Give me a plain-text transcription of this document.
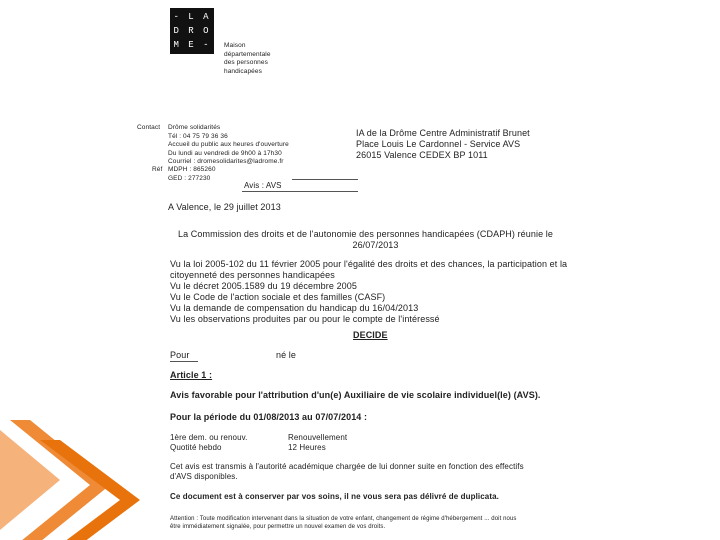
- L A
D R O
M E -	Maison
départementale
des personnes
handicapées
Contact Drôme solidarités
Tél : 04 75 79 36 36
Accueil du public aux heures d'ouverture
Du lundi au vendredi de 9h00 à 17h30
Courriel : dromesolidarites@ladrome.fr
Réf MDPH : 865260
GED : 277230
IA de la Drôme Centre Administratif Brunet
Place Louis Le Cardonnel - Service AVS
26015 Valence CEDEX BP 1011
Avis : AVS
A Valence, le 29 juillet 2013
La Commission des droits et de l'autonomie des personnes handicapées (CDAPH) réunie le
26/07/2013
Vu la loi 2005-102 du 11 février 2005 pour l'égalité des droits et des chances, la participation et la
citoyenneté des personnes handicapées
Vu le décret 2005.1589 du 19 décembre 2005
Vu le Code de l'action sociale et des familles (CASF)
Vu la demande de compensation du handicap du 16/04/2013
Vu les observations produites par ou pour le compte de l'intéressé
DECIDE
Pour	né le
Article 1 :
Avis favorable pour l'attribution d'un(e) Auxiliaire de vie scolaire individuel(le) (AVS).
Pour la période du 01/08/2013 au 07/07/2014 :
1ère dem. ou renouv.	Renouvellement
Quotité hebdo	12 Heures
Cet avis est transmis à l'autorité académique chargée de lui donner suite en fonction des effectifs
d'AVS disponibles.
Ce document est à conserver par vos soins, il ne vous sera pas délivré de duplicata.
Attention : Toute modification intervenant dans la situation de votre enfant, changement de régime d'hébergement ... doit nous
être immédiatement signalée, pour permettre un nouvel examen de vos droits.
